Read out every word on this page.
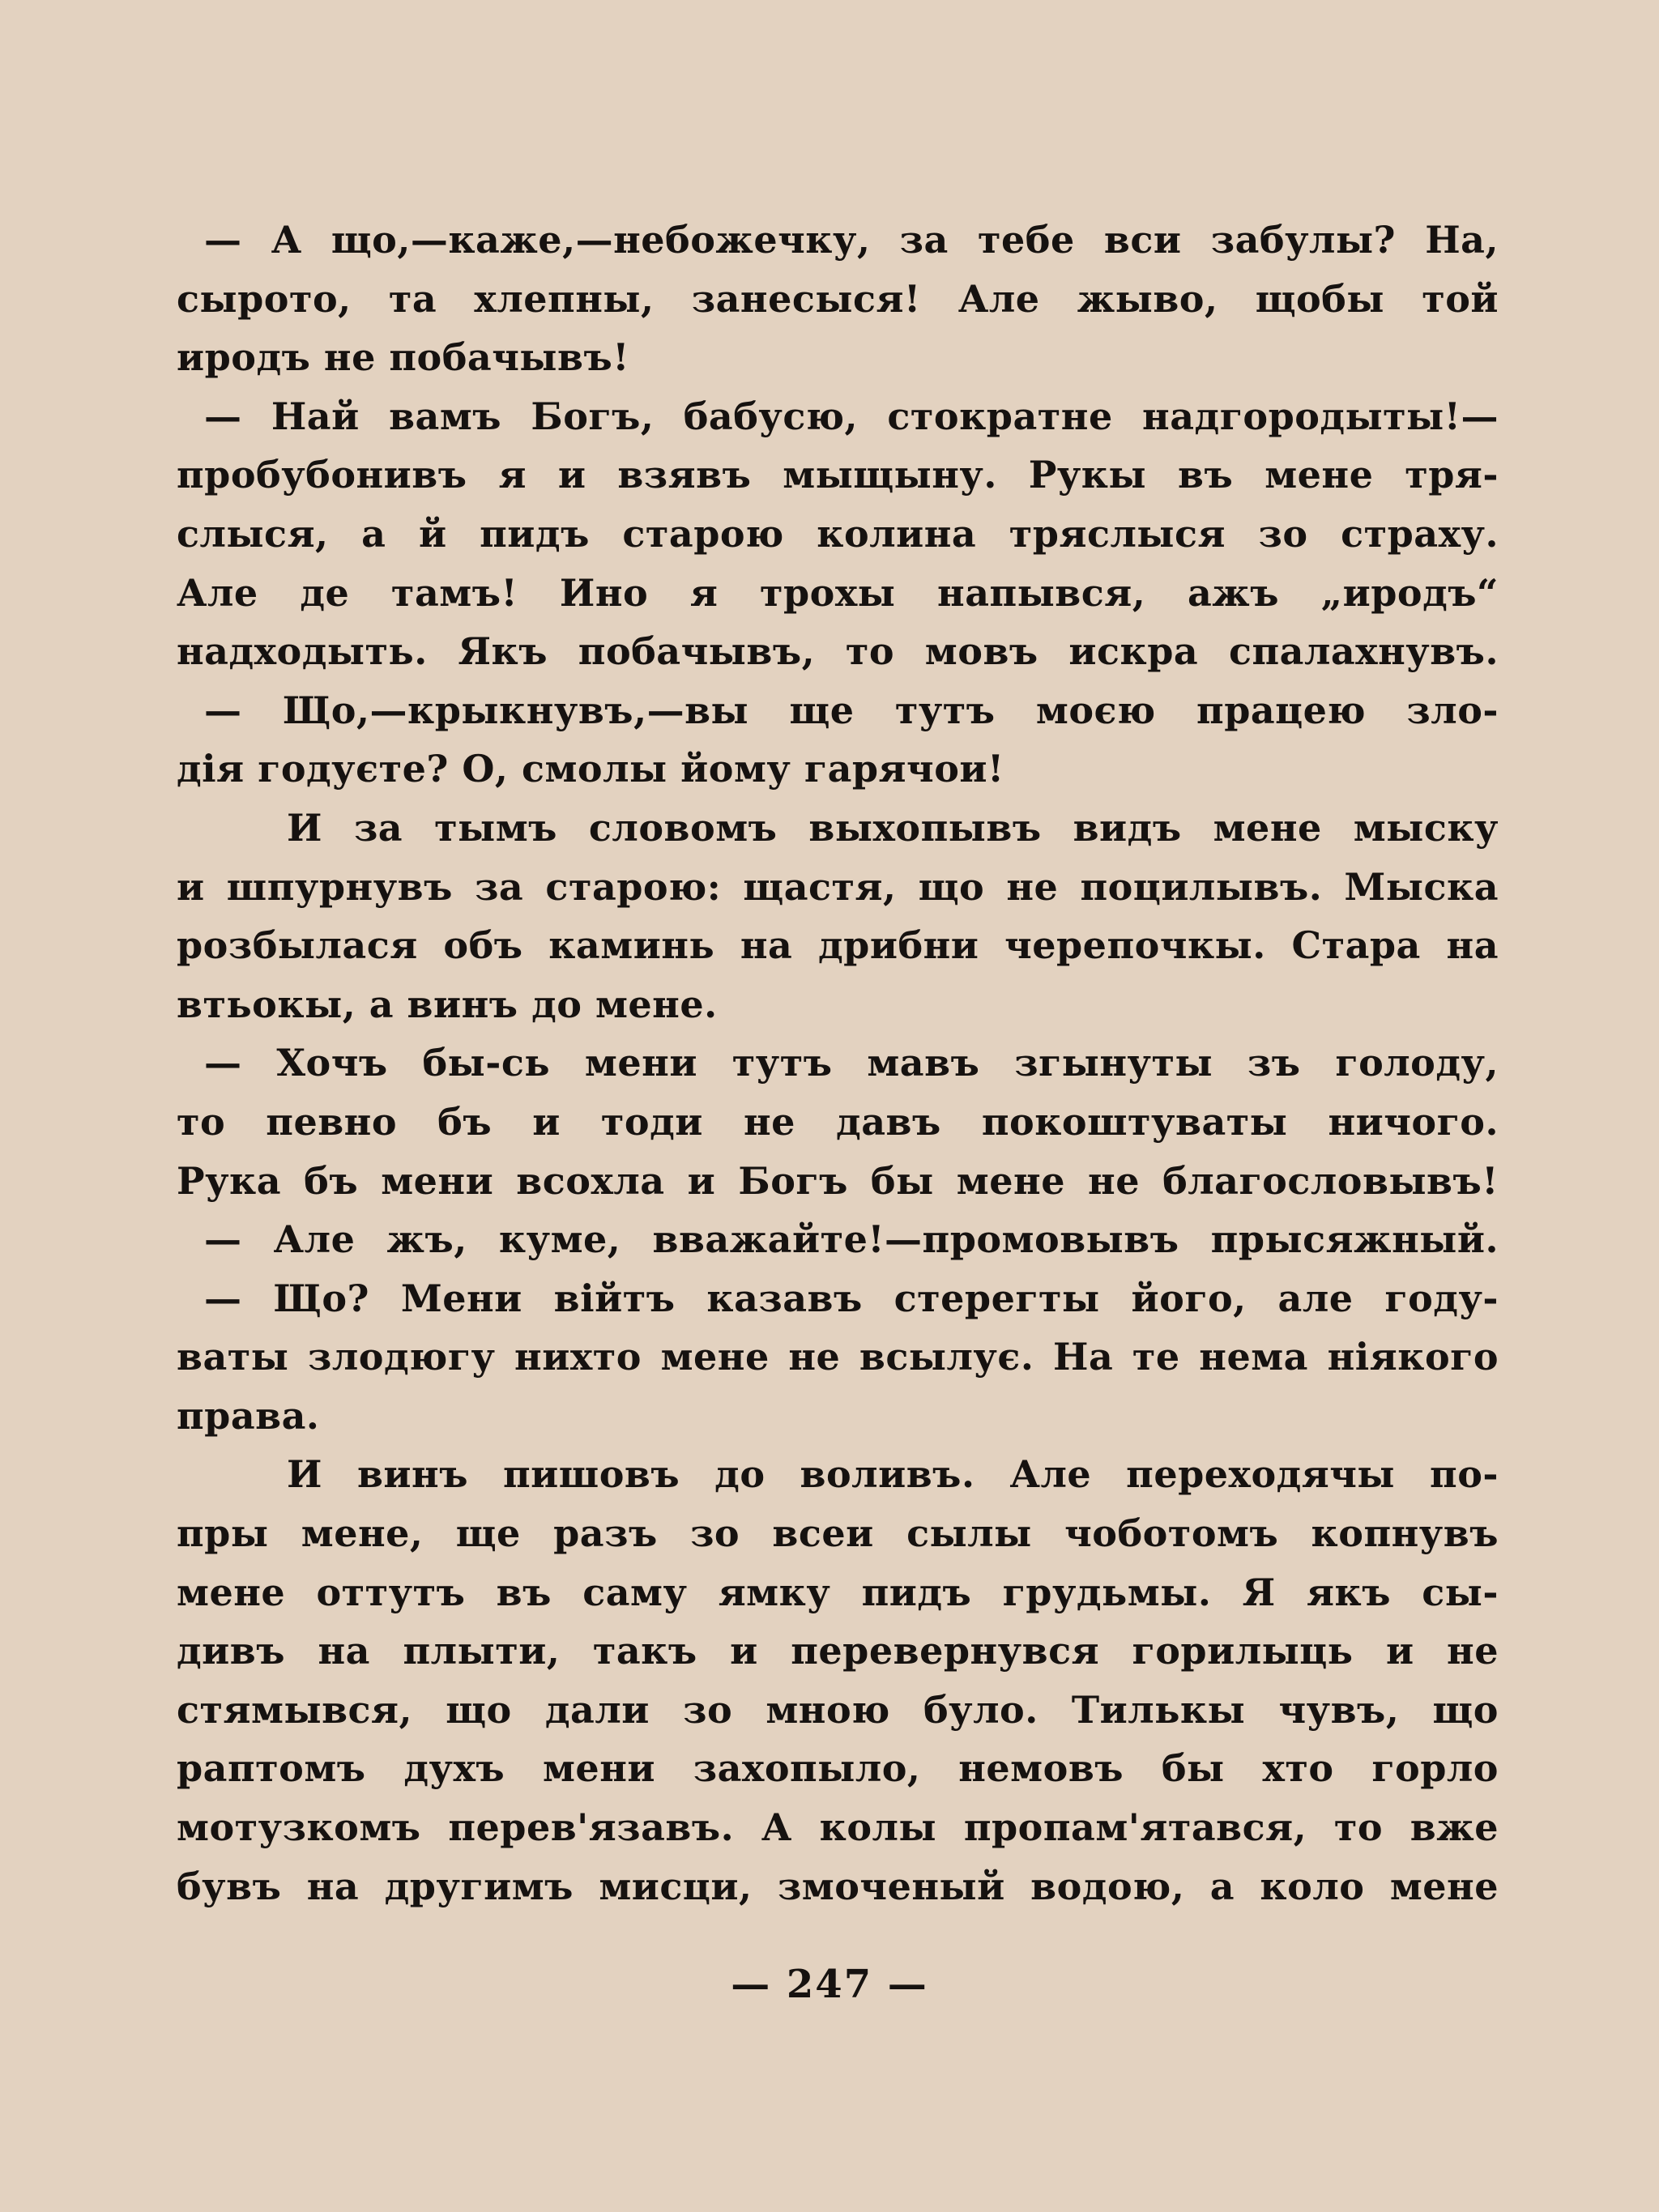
— А що,—каже,—небожечку, за тебе вси забулы? На,
сырото, та хлепны, занесыся! Але жыво, щобы той
иродъ не побачывъ!
— Най вамъ Богъ, бабусю, стократне надгородыты!—
пробубонивъ я и взявъ мыщыну. Рукы въ мене тря-
слыся, а й пидъ старою колина тряслыся зо страху.
Але де тамъ! Ино я трохы напывся, ажъ „иродъ“
надходыть. Якъ побачывъ, то мовъ искра спалахнувъ.
— Що,—крыкнувъ,—вы ще тутъ моєю працею зло-
дія годуєте? О, смолы йому гарячои!
И за тымъ словомъ выхопывъ видъ мене мыску
и шпурнувъ за старою: щастя, що не поцилывъ. Мыска
розбылася объ каминь на дрибни черепочкы. Стара на
втьокы, а винъ до мене.
— Хочъ бы-сь мени тутъ мавъ згынуты зъ голоду,
то певно бъ и тоди не давъ покоштуваты ничого.
Рука бъ мени всохла и Богъ бы мене не благословывъ!
— Але жъ, куме, вважайте!—промовывъ прысяжный.
— Що? Мени війтъ казавъ стерегты його, але году-
ваты злодюгу нихто мене не всылує. На те нема ніякого
права.
И винъ пишовъ до воливъ. Але переходячы по-
пры мене, ще разъ зо всеи сылы чоботомъ копнувъ
мене оттутъ въ саму ямку пидъ грудьмы. Я якъ сы-
дивъ на плыти, такъ и перевернувся горилыць и не
стямывся, що дали зо мною було. Тилькы чувъ, що
раптомъ духъ мени захопыло, немовъ бы хто горло
мотузкомъ перев'язавъ. А колы пропам'ятався, то вже
бувъ на другимъ мисци, змоченый водою, а коло мене
— 247 —
